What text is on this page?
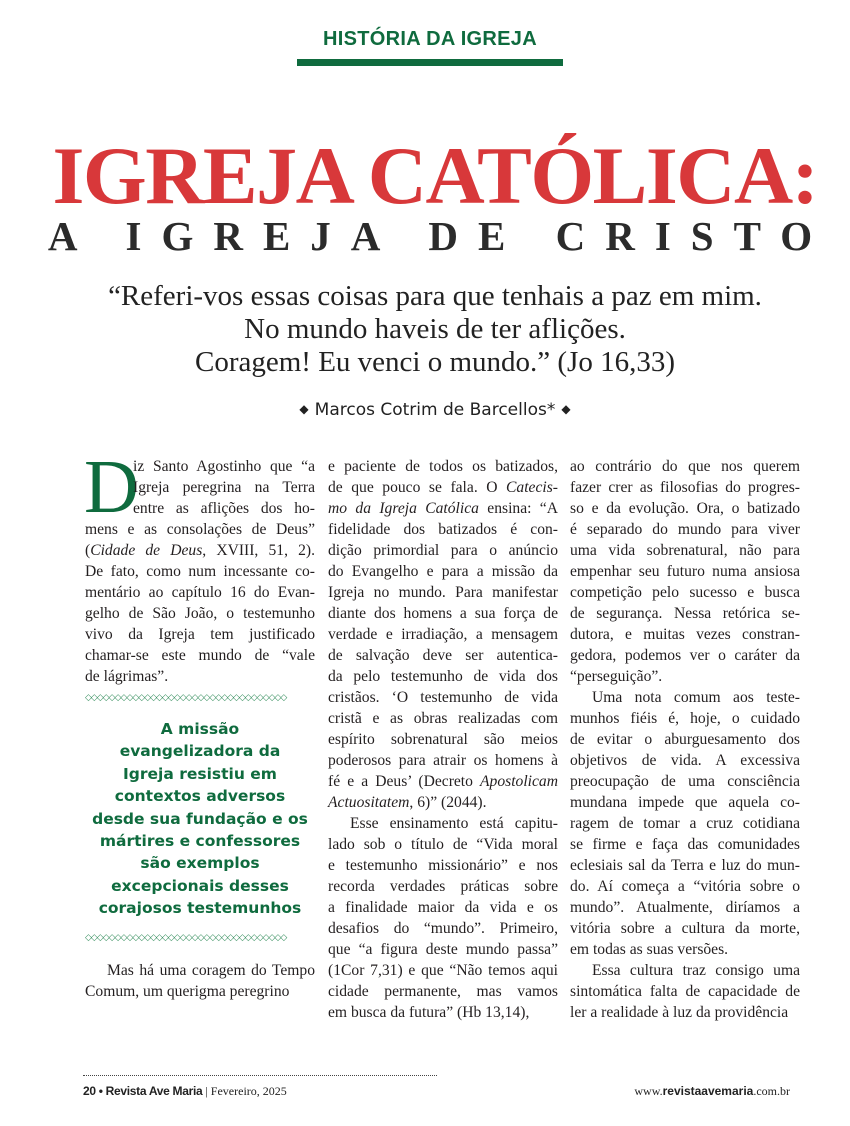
HISTÓRIA DA IGREJA
IGREJA CATÓLICA:
A IGREJA DE CRISTO
“Referi-vos essas coisas para que tenhais a paz em mim.
No mundo haveis de ter aflições.
Coragem! Eu venci o mundo.” (Jo 16,33)
◆ Marcos Cotrim de Barcellos* ◆
D
iz Santo Agostinho que “a
Igreja peregrina na Terra
entre as aflições dos ho-
mens e as consolações de Deus”
(Cidade de Deus, XVIII, 51, 2).
De fato, como num incessante co-
mentário ao capítulo 16 do Evan-
gelho de São João, o testemunho
vivo da Igreja tem justificado
chamar-se este mundo de “vale
de lágrimas”.
◇◇◇◇◇◇◇◇◇◇◇◇◇◇◇◇◇◇◇◇◇◇◇◇◇◇◇◇◇◇◇◇◇◇
A missão
evangelizadora da
Igreja resistiu em
contextos adversos
desde sua fundação e os
mártires e confessores
são exemplos
excepcionais desses
corajosos testemunhos
◇◇◇◇◇◇◇◇◇◇◇◇◇◇◇◇◇◇◇◇◇◇◇◇◇◇◇◇◇◇◇◇◇◇
Mas há uma coragem do Tempo
Comum, um querigma peregrino
e paciente de todos os batizados,
de que pouco se fala. O Catecis-
mo da Igreja Católica ensina: “A
fidelidade dos batizados é con-
dição primordial para o anúncio
do Evangelho e para a missão da
Igreja no mundo. Para manifestar
diante dos homens a sua força de
verdade e irradiação, a mensagem
de salvação deve ser autentica-
da pelo testemunho de vida dos
cristãos. ‘O testemunho de vida
cristã e as obras realizadas com
espírito sobrenatural são meios
poderosos para atrair os homens à
fé e a Deus’ (Decreto Apostolicam
Actuositatem, 6)” (2044).
Esse ensinamento está capitu-
lado sob o título de “Vida moral
e testemunho missionário” e nos
recorda verdades práticas sobre
a finalidade maior da vida e os
desafios do “mundo”. Primeiro,
que “a figura deste mundo passa”
(1Cor 7,31) e que “Não temos aqui
cidade permanente, mas vamos
em busca da futura” (Hb 13,14),
ao contrário do que nos querem
fazer crer as filosofias do progres-
so e da evolução. Ora, o batizado
é separado do mundo para viver
uma vida sobrenatural, não para
empenhar seu futuro numa ansiosa
competição pelo sucesso e busca
de segurança. Nessa retórica se-
dutora, e muitas vezes constran-
gedora, podemos ver o caráter da
“perseguição”.
Uma nota comum aos teste-
munhos fiéis é, hoje, o cuidado
de evitar o aburguesamento dos
objetivos de vida. A excessiva
preocupação de uma consciência
mundana impede que aquela co-
ragem de tomar a cruz cotidiana
se firme e faça das comunidades
eclesiais sal da Terra e luz do mun-
do. Aí começa a “vitória sobre o
mundo”. Atualmente, diríamos a
vitória sobre a cultura da morte,
em todas as suas versões.
Essa cultura traz consigo uma
sintomática falta de capacidade de
ler a realidade à luz da providência
20 • Revista Ave Maria | Fevereiro, 2025	www.revistaavemaria.com.br
